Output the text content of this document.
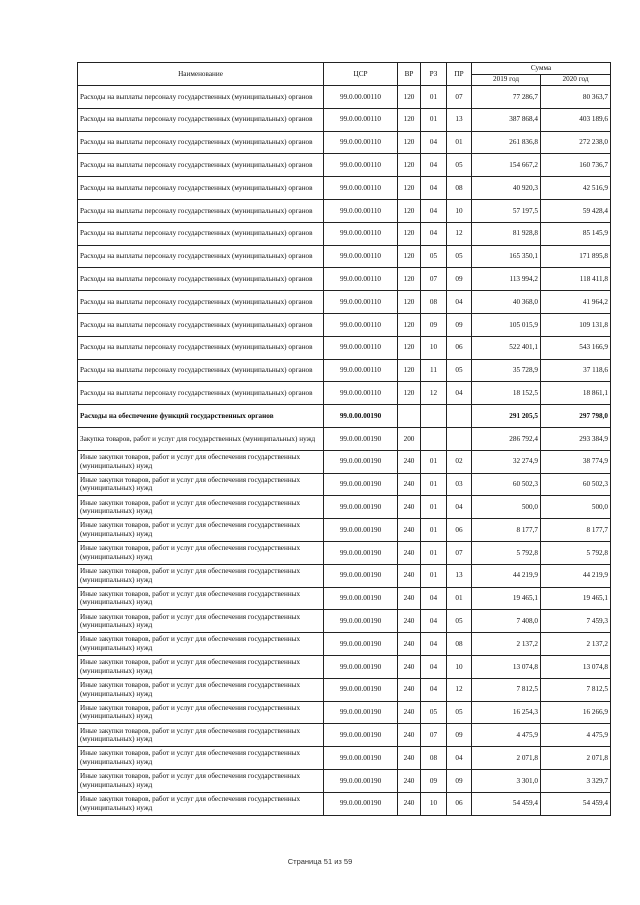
Наименование	ЦСР	ВР	РЗ	ПР	Сумма	
					2019 год	2020 год
Расходы на выплаты персоналу государственных (муниципальных) органов	99.0.00.00110	120	01	07	77 286,7	80 363,7
Расходы на выплаты персоналу государственных (муниципальных) органов	99.0.00.00110	120	01	13	387 868,4	403 189,6
Расходы на выплаты персоналу государственных (муниципальных) органов	99.0.00.00110	120	04	01	261 836,8	272 238,0
Расходы на выплаты персоналу государственных (муниципальных) органов	99.0.00.00110	120	04	05	154 667,2	160 736,7
Расходы на выплаты персоналу государственных (муниципальных) органов	99.0.00.00110	120	04	08	40 920,3	42 516,9
Расходы на выплаты персоналу государственных (муниципальных) органов	99.0.00.00110	120	04	10	57 197,5	59 428,4
Расходы на выплаты персоналу государственных (муниципальных) органов	99.0.00.00110	120	04	12	81 928,8	85 145,9
Расходы на выплаты персоналу государственных (муниципальных) органов	99.0.00.00110	120	05	05	165 350,1	171 895,8
Расходы на выплаты персоналу государственных (муниципальных) органов	99.0.00.00110	120	07	09	113 994,2	118 411,8
Расходы на выплаты персоналу государственных (муниципальных) органов	99.0.00.00110	120	08	04	40 368,0	41 964,2
Расходы на выплаты персоналу государственных (муниципальных) органов	99.0.00.00110	120	09	09	105 015,9	109 131,8
Расходы на выплаты персоналу государственных (муниципальных) органов	99.0.00.00110	120	10	06	522 401,1	543 166,9
Расходы на выплаты персоналу государственных (муниципальных) органов	99.0.00.00110	120	11	05	35 728,9	37 118,6
Расходы на выплаты персоналу государственных (муниципальных) органов	99.0.00.00110	120	12	04	18 152,5	18 861,1
Расходы на обеспечение функций государственных органов	99.0.00.00190				291 205,5	297 798,0
Закупка товаров, работ и услуг для государственных (муниципальных) нужд	99.0.00.00190	200			286 792,4	293 384,9
Иные закупки товаров, работ и услуг для обеспечения государственных (муниципальных) нужд	99.0.00.00190	240	01	02	32 274,9	38 774,9
Иные закупки товаров, работ и услуг для обеспечения государственных (муниципальных) нужд	99.0.00.00190	240	01	03	60 502,3	60 502,3
Иные закупки товаров, работ и услуг для обеспечения государственных (муниципальных) нужд	99.0.00.00190	240	01	04	500,0	500,0
Иные закупки товаров, работ и услуг для обеспечения государственных (муниципальных) нужд	99.0.00.00190	240	01	06	8 177,7	8 177,7
Иные закупки товаров, работ и услуг для обеспечения государственных (муниципальных) нужд	99.0.00.00190	240	01	07	5 792,8	5 792,8
Иные закупки товаров, работ и услуг для обеспечения государственных (муниципальных) нужд	99.0.00.00190	240	01	13	44 219,9	44 219,9
Иные закупки товаров, работ и услуг для обеспечения государственных (муниципальных) нужд	99.0.00.00190	240	04	01	19 465,1	19 465,1
Иные закупки товаров, работ и услуг для обеспечения государственных (муниципальных) нужд	99.0.00.00190	240	04	05	7 408,0	7 459,3
Иные закупки товаров, работ и услуг для обеспечения государственных (муниципальных) нужд	99.0.00.00190	240	04	08	2 137,2	2 137,2
Иные закупки товаров, работ и услуг для обеспечения государственных (муниципальных) нужд	99.0.00.00190	240	04	10	13 074,8	13 074,8
Иные закупки товаров, работ и услуг для обеспечения государственных (муниципальных) нужд	99.0.00.00190	240	04	12	7 812,5	7 812,5
Иные закупки товаров, работ и услуг для обеспечения государственных (муниципальных) нужд	99.0.00.00190	240	05	05	16 254,3	16 266,9
Иные закупки товаров, работ и услуг для обеспечения государственных (муниципальных) нужд	99.0.00.00190	240	07	09	4 475,9	4 475,9
Иные закупки товаров, работ и услуг для обеспечения государственных (муниципальных) нужд	99.0.00.00190	240	08	04	2 071,8	2 071,8
Иные закупки товаров, работ и услуг для обеспечения государственных (муниципальных) нужд	99.0.00.00190	240	09	09	3 301,0	3 329,7
Иные закупки товаров, работ и услуг для обеспечения государственных (муниципальных) нужд	99.0.00.00190	240	10	06	54 459,4	54 459,4
Страница 51 из 59
